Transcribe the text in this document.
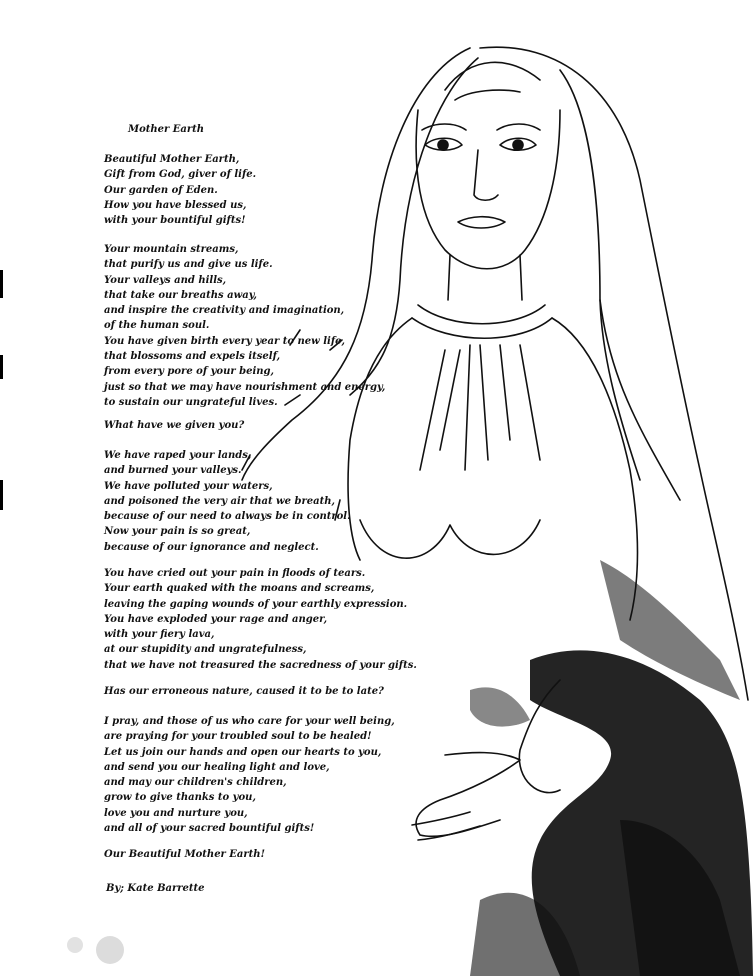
Mother Earth
Beautiful Mother Earth,
Gift from God, giver of life.
Our garden of Eden.
How you have blessed us,
with your bountiful gifts!
Your mountain streams,
that purify us and give us life.
Your valleys and hills,
that take our breaths away,
and inspire the creativity and imagination,
of the human soul.
You have given birth every year to new life,
that blossoms and expels itself,
from every pore of your being,
just so that we may have nourishment and energy,
to sustain our ungrateful lives.
What have we given you?
We have raped your lands,
and burned your valleys.
We have polluted your waters,
and poisoned the very air that we breath,
because of our need to always be in control.
Now your pain is so great,
because of our ignorance and neglect.
You have cried out your pain in floods of tears.
Your earth quaked with the moans and screams,
leaving the gaping wounds of your earthly expression.
You have exploded your rage and anger,
with your fiery lava,
at our stupidity and ungratefulness,
that we have not treasured the sacredness of your gifts.
Has our erroneous nature, caused it to be to late?
I pray, and those of us who care for your well being,
are praying for your troubled soul to be healed!
Let us join our hands and open our hearts to you,
and send you our healing light and love,
and may our children's children,
grow to give thanks to you,
love you and nurture you,
and all of your sacred bountiful gifts!
Our Beautiful Mother Earth!
By; Kate Barrette
